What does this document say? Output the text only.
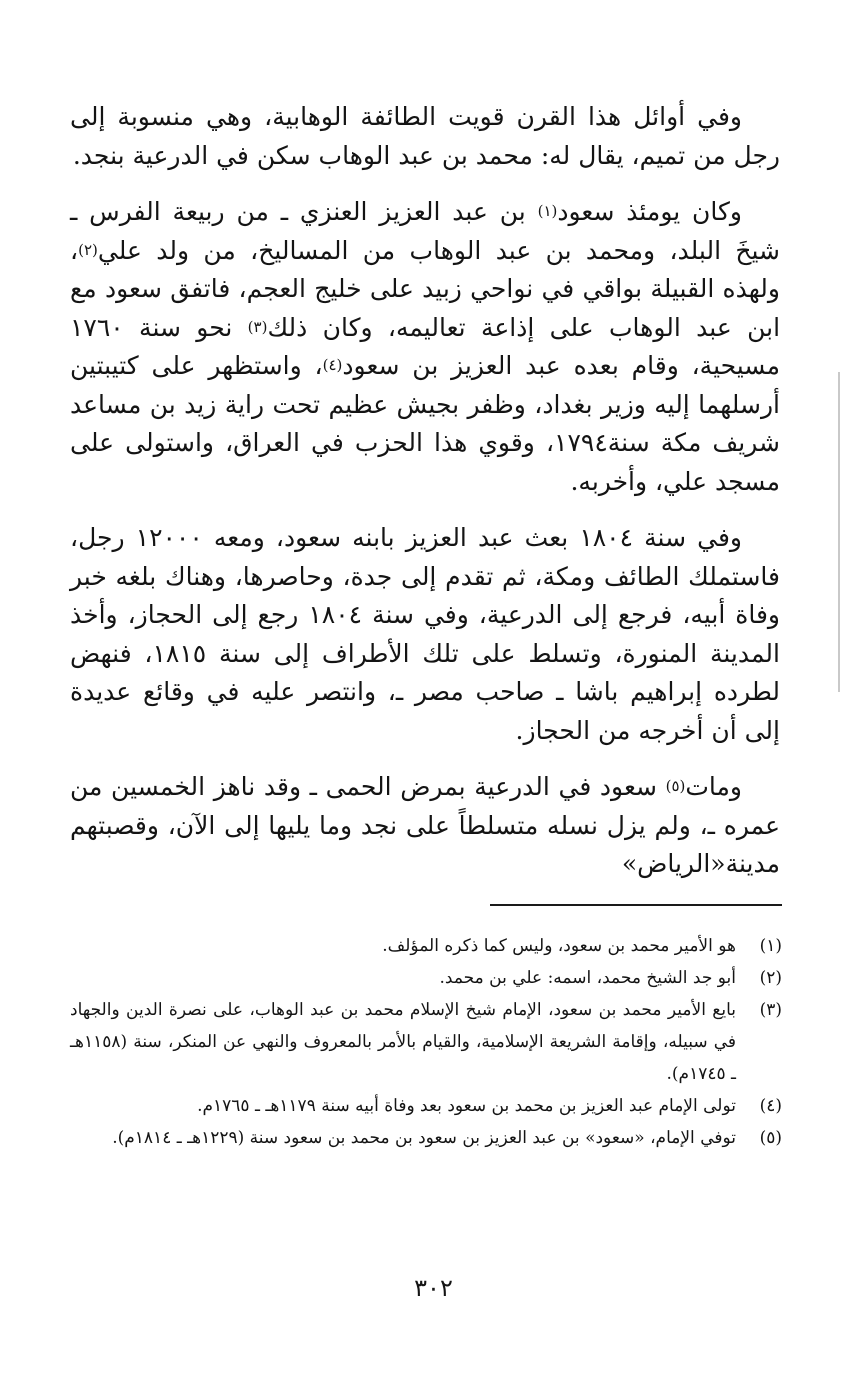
وفي أوائل هذا القرن قويت الطائفة الوهابية، وهي منسوبة إلى رجل من تميم، يقال له: محمد بن عبد الوهاب سكن في الدرعية بنجد.

وكان يومئذ سعود$^{(١)}$ بن عبد العزيز العنزي ـ من ربيعة الفرس ـ شيخَ البلد، ومحمد بن عبد الوهاب من المسالیخ، من ولد علي$^{(٢)}$، ولهذه القبيلة بواقي في نواحي زبيد على خليج العجم، فاتفق سعود مع ابن عبد الوهاب على إذاعة تعاليمه، وكان ذلك$^{(٣)}$ نحو سنة ١٧٦٠ مسيحية، وقام بعده عبد العزيز بن سعود$^{(٤)}$، واستظهر على كتيبتين أرسلهما إليه وزير بغداد، وظفر بجيش عظيم تحت راية زيد بن مساعد شريف مكة سنة١٧٩٤، وقوي هذا الحزب في العراق، واستولى على مسجد علي، وأخربه.

وفي سنة ١٨٠٤ بعث عبد العزيز بابنه سعود، ومعه ١٢٠٠٠ رجل، فاستملك الطائف ومكة، ثم تقدم إلى جدة، وحاصرها، وهناك بلغه خبر وفاة أبيه، فرجع إلى الدرعية، وفي سنة ١٨٠٤ رجع إلى الحجاز، وأخذ المدينة المنورة، وتسلط على تلك الأطراف إلى سنة ١٨١٥، فنهض لطرده إبراهيم باشا ـ صاحب مصر ـ، وانتصر عليه في وقائع عديدة إلى أن أخرجه من الحجاز.

ومات$^{(٥)}$ سعود في الدرعية بمرض الحمى ـ وقد ناهز الخمسين من عمره ـ، ولم يزل نسله متسلطاً على نجد وما يليها إلى الآن، وقصبتهم مدينة«الرياض»

(١)
هو الأمير محمد بن سعود، وليس كما ذكره المؤلف.
(٢)
أبو جد الشيخ محمد، اسمه: علي بن محمد.
(٣)
بايع الأمير محمد بن سعود، الإمام شيخ الإسلام محمد بن عبد الوهاب، على نصرة الدين والجهاد في سبيله، وإقامة الشريعة الإسلامية، والقيام بالأمر بالمعروف والنهي عن المنكر، سنة (١١٥٨هـ ـ ١٧٤٥م).
(٤)
تولى الإمام عبد العزيز بن محمد بن سعود بعد وفاة أبيه سنة ١١٧٩هـ ـ ١٧٦٥م.
(٥)
توفي الإمام، «سعود» بن عبد العزيز بن سعود بن محمد بن سعود سنة (١٢٢٩هـ ـ ١٨١٤م).
٣٠٢
